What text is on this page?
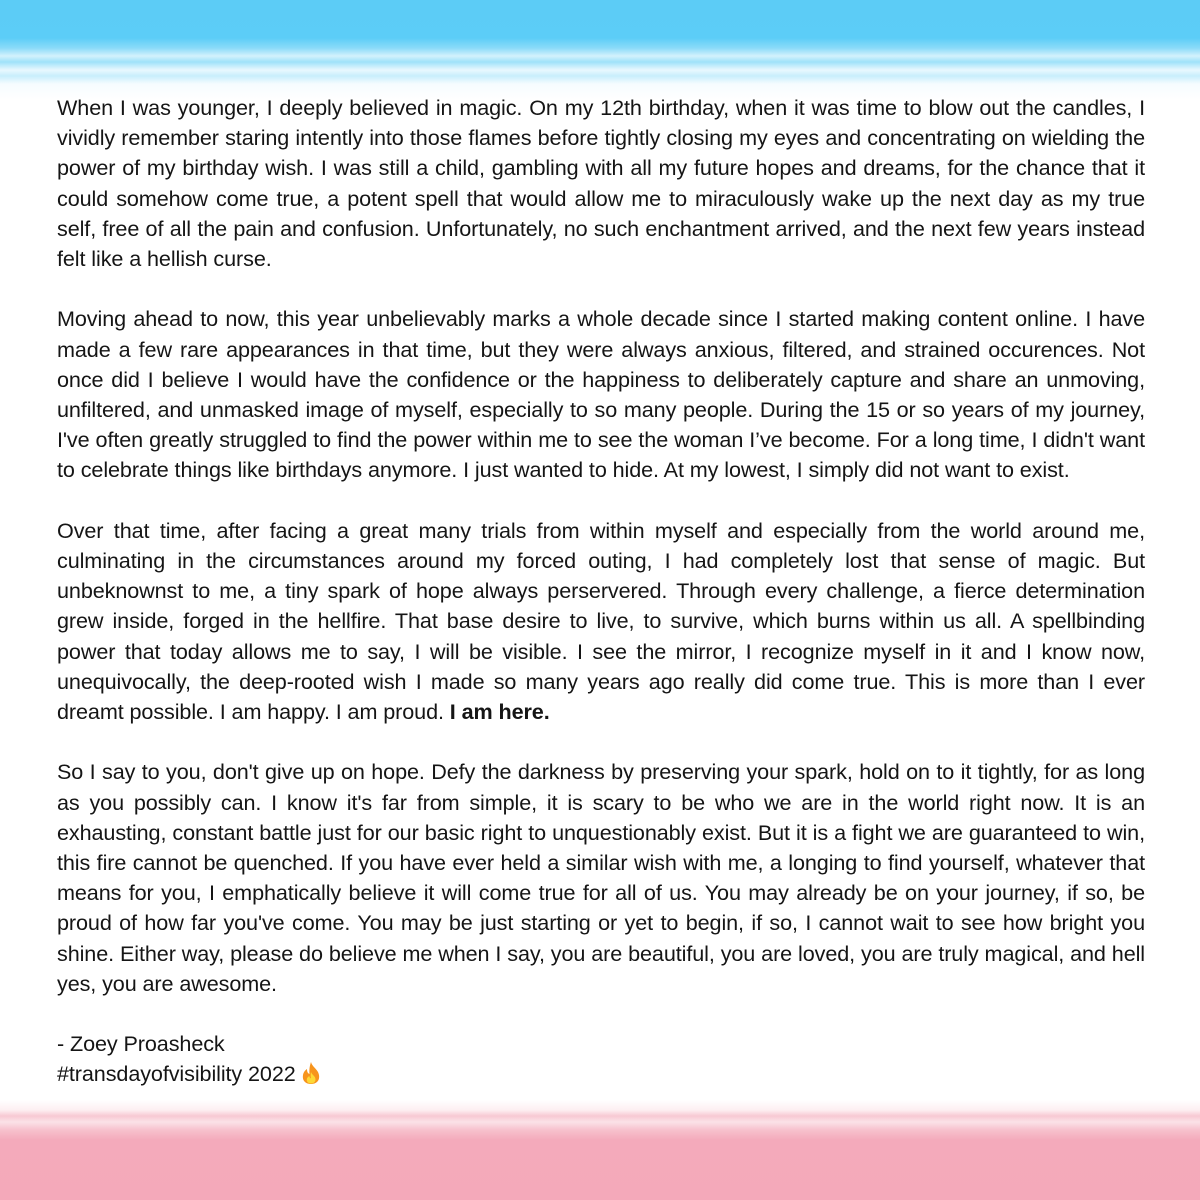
When I was younger, I deeply believed in magic. On my 12th birthday, when it was time to blow out the candles, I vividly remember staring intently into those flames before tightly closing my eyes and concentrating on wielding the power of my birthday wish. I was still a child, gambling with all my future hopes and dreams, for the chance that it could somehow come true, a potent spell that would allow me to miraculously wake up the next day as my true self, free of all the pain and confusion. Unfortunately, no such enchantment arrived, and the next few years instead felt like a hellish curse.

Moving ahead to now, this year unbelievably marks a whole decade since I started making content online. I have made a few rare appearances in that time, but they were always anxious, filtered, and strained occurences. Not once did I believe I would have the confidence or the happiness to deliberately capture and share an unmoving, unfiltered, and unmasked image of myself, especially to so many people. During the 15 or so years of my journey, I've often greatly struggled to find the power within me to see the woman I’ve become. For a long time, I didn't want to celebrate things like birthdays anymore. I just wanted to hide. At my lowest, I simply did not want to exist.

Over that time, after facing a great many trials from within myself and especially from the world around me, culminating in the circumstances around my forced outing, I had completely lost that sense of magic. But unbeknownst to me, a tiny spark of hope always perservered. Through every challenge, a fierce determination grew inside, forged in the hellfire. That base desire to live, to survive, which burns within us all. A spellbinding power that today allows me to say, I will be visible. I see the mirror, I recognize myself in it and I know now, unequivocally, the deep-rooted wish I made so many years ago really did come true. This is more than I ever dreamt possible. I am happy. I am proud. I am here.

So I say to you, don't give up on hope. Defy the darkness by preserving your spark, hold on to it tightly, for as long as you possibly can. I know it's far from simple, it is scary to be who we are in the world right now. It is an exhausting, constant battle just for our basic right to unquestionably exist. But it is a fight we are guaranteed to win, this fire cannot be quenched. If you have ever held a similar wish with me, a longing to find yourself, whatever that means for you, I emphatically believe it will come true for all of us. You may already be on your journey, if so, be proud of how far you've come. You may be just starting or yet to begin, if so, I cannot wait to see how bright you shine. Either way, please do believe me when I say, you are beautiful, you are loved, you are truly magical, and hell yes, you are awesome.

- Zoey Proasheck
#transdayofvisibility 2022
